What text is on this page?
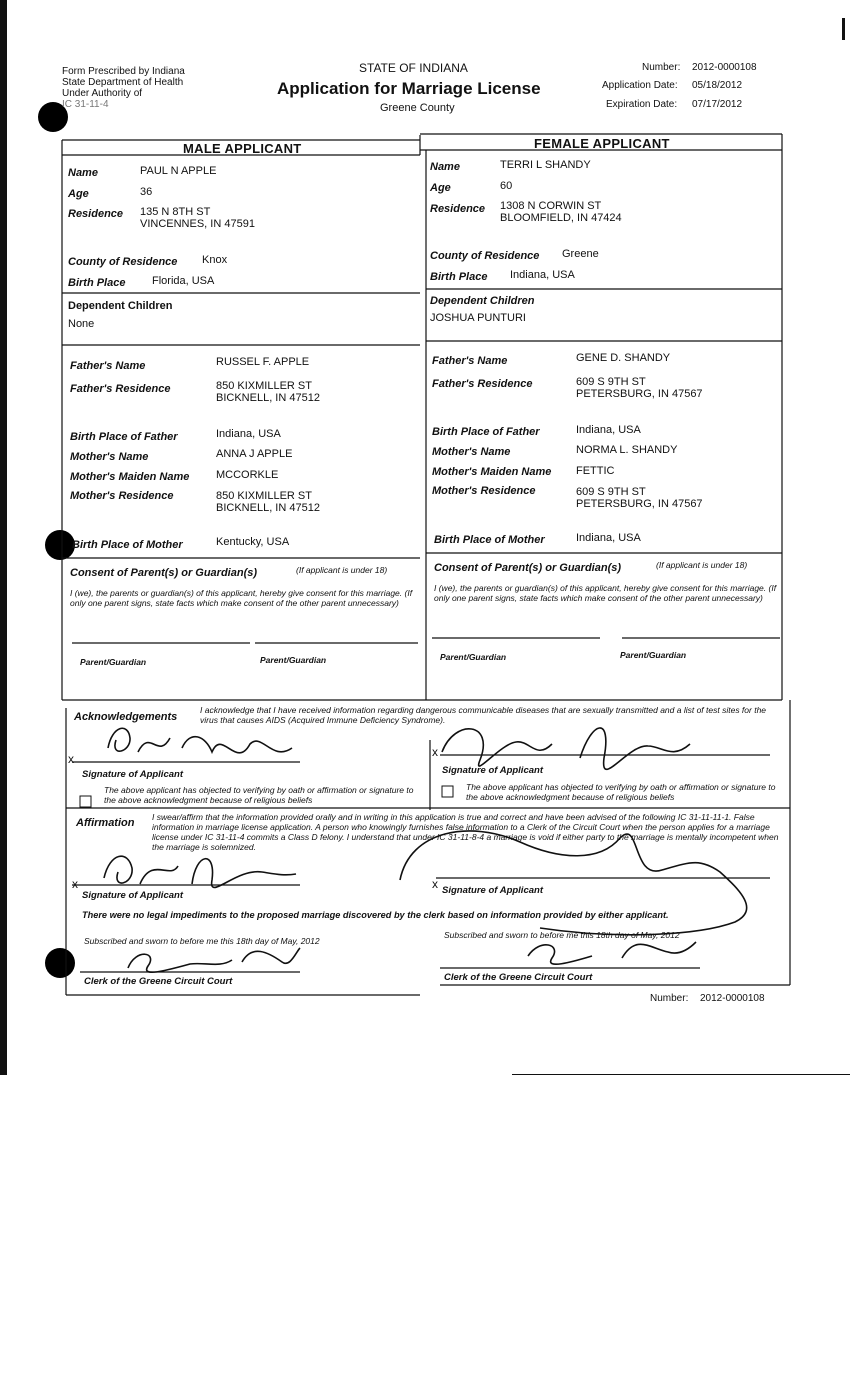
Form Prescribed by Indiana
State Department of Health
Under Authority of
IC 31-11-4
STATE OF INDIANA
Application for Marriage License
Greene County
Number: 2012-0000108
Application Date: 05/18/2012
Expiration Date: 07/17/2012
x	x
x	x
MALE APPLICANT	FEMALE APPLICANT
Name	PAUL N APPLE
Age	36
Residence 135 N 8TH ST
VINCENNES, IN 47591
County of Residence Knox
Birth Place Florida, USA
Dependent Children
None
Father's Name	RUSSEL F. APPLE
Father's Residence	850 KIXMILLER ST
BICKNELL, IN 47512
Birth Place of Father	Indiana, USA
Mother's Name	ANNA J APPLE
Mother's Maiden Name MCCORKLE
Mother's Residence	850 KIXMILLER ST
BICKNELL, IN 47512
Birth Place of Mother	Kentucky, USA
Consent of Parent(s) or Guardian(s)	(If applicant is under 18)
I (we), the parents or guardian(s) of this applicant, hereby give consent for this marriage. (If only one parent signs, state facts which make consent of the other parent unnecessary)
Parent/Guardian	Parent/Guardian
Name	TERRI L SHANDY
Age	60
Residence 1308 N CORWIN ST
BLOOMFIELD, IN 47424
County of Residence Greene
Birth Place Indiana, USA
Dependent Children
JOSHUA PUNTURI
Father's Name	GENE D. SHANDY
Father's Residence	609 S 9TH ST
PETERSBURG, IN 47567
Birth Place of Father	Indiana, USA
Mother's Name	NORMA L. SHANDY
Mother's Maiden Name FETTIC
Mother's Residence	609 S 9TH ST
PETERSBURG, IN 47567
Birth Place of Mother	Indiana, USA
Consent of Parent(s) or Guardian(s)	(If applicant is under 18)
I (we), the parents or guardian(s) of this applicant, hereby give consent for this marriage. (If only one parent signs, state facts which make consent of the other parent unnecessary)
Parent/Guardian	Parent/Guardian
Acknowledgements
I acknowledge that I have received information regarding dangerous communicable diseases that are sexually transmitted and a list of test sites for the virus that causes AIDS (Acquired Immune Deficiency Syndrome).
Signature of Applicant	Signature of Applicant
The above applicant has objected to verifying by oath or affirmation or signature to the above acknowledgment because of religious beliefs
The above applicant has objected to verifying by oath or affirmation or signature to the above acknowledgment because of religious beliefs
Affirmation I swear/affirm that the information provided orally and in writing in this application is true and correct and have been advised of the following IC 31-11-11-1. False information in marriage license application. A person who knowingly furnishes false information to a Clerk of the Circuit Court when the person applies for a marriage license under IC 31-11-4 commits a Class D felony. I understand that under IC 31-11-8-4 a marriage is void if either party to the marriage is mentally incompetent when the marriage is solemnized.
Signature of Applicant	Signature of Applicant
There were no legal impediments to the proposed marriage discovered by the clerk based on information provided by either applicant.
Subscribed and sworn to before me this 18th day of May, 2012
Subscribed and sworn to before me this 18th day of May, 2012
Clerk of the Greene Circuit Court	Clerk of the Greene Circuit Court
Number: 2012-0000108
